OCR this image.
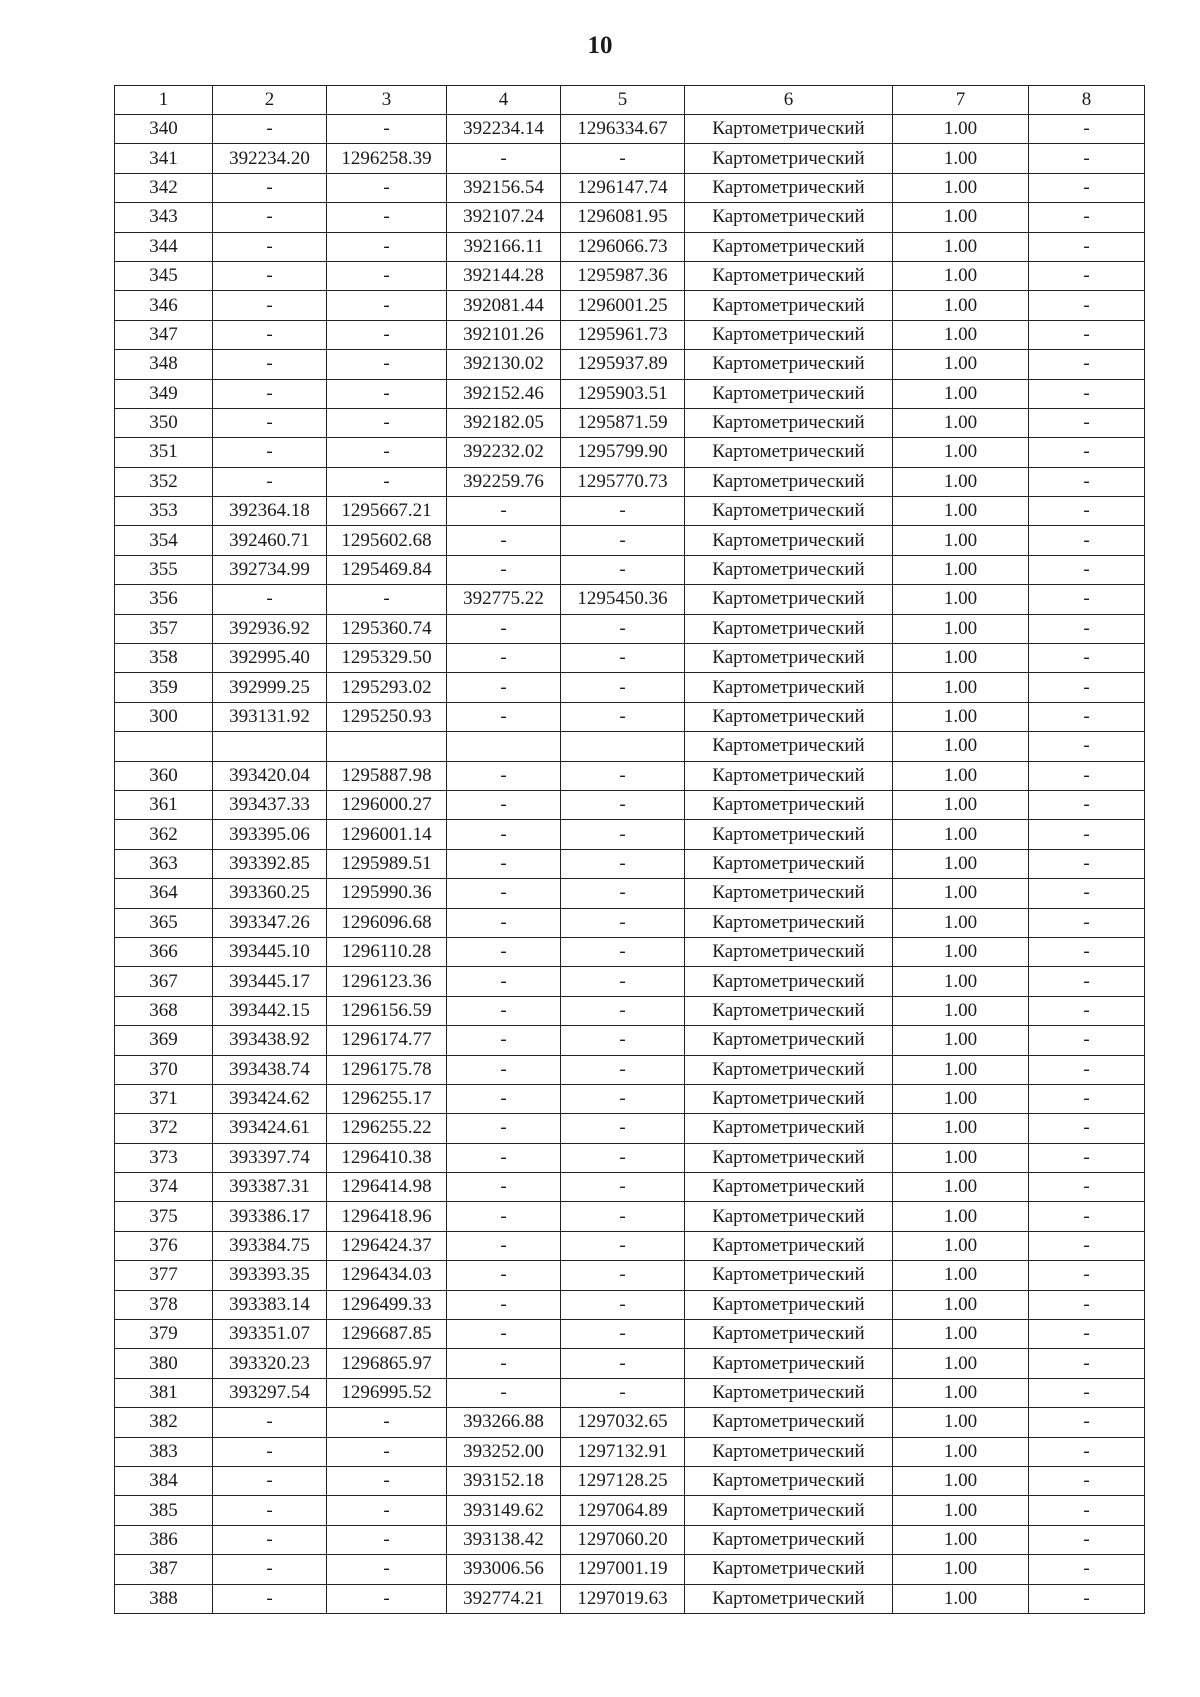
10
1	2	3	4	5	6	7	8
340	-	-	392234.14	1296334.67	Картометрический	1.00	-
341	392234.20	1296258.39	-	-	Картометрический	1.00	-
342	-	-	392156.54	1296147.74	Картометрический	1.00	-
343	-	-	392107.24	1296081.95	Картометрический	1.00	-
344	-	-	392166.11	1296066.73	Картометрический	1.00	-
345	-	-	392144.28	1295987.36	Картометрический	1.00	-
346	-	-	392081.44	1296001.25	Картометрический	1.00	-
347	-	-	392101.26	1295961.73	Картометрический	1.00	-
348	-	-	392130.02	1295937.89	Картометрический	1.00	-
349	-	-	392152.46	1295903.51	Картометрический	1.00	-
350	-	-	392182.05	1295871.59	Картометрический	1.00	-
351	-	-	392232.02	1295799.90	Картометрический	1.00	-
352	-	-	392259.76	1295770.73	Картометрический	1.00	-
353	392364.18	1295667.21	-	-	Картометрический	1.00	-
354	392460.71	1295602.68	-	-	Картометрический	1.00	-
355	392734.99	1295469.84	-	-	Картометрический	1.00	-
356	-	-	392775.22	1295450.36	Картометрический	1.00	-
357	392936.92	1295360.74	-	-	Картометрический	1.00	-
358	392995.40	1295329.50	-	-	Картометрический	1.00	-
359	392999.25	1295293.02	-	-	Картометрический	1.00	-
300	393131.92	1295250.93	-	-	Картометрический	1.00	-
					Картометрический	1.00	-
360	393420.04	1295887.98	-	-	Картометрический	1.00	-
361	393437.33	1296000.27	-	-	Картометрический	1.00	-
362	393395.06	1296001.14	-	-	Картометрический	1.00	-
363	393392.85	1295989.51	-	-	Картометрический	1.00	-
364	393360.25	1295990.36	-	-	Картометрический	1.00	-
365	393347.26	1296096.68	-	-	Картометрический	1.00	-
366	393445.10	1296110.28	-	-	Картометрический	1.00	-
367	393445.17	1296123.36	-	-	Картометрический	1.00	-
368	393442.15	1296156.59	-	-	Картометрический	1.00	-
369	393438.92	1296174.77	-	-	Картометрический	1.00	-
370	393438.74	1296175.78	-	-	Картометрический	1.00	-
371	393424.62	1296255.17	-	-	Картометрический	1.00	-
372	393424.61	1296255.22	-	-	Картометрический	1.00	-
373	393397.74	1296410.38	-	-	Картометрический	1.00	-
374	393387.31	1296414.98	-	-	Картометрический	1.00	-
375	393386.17	1296418.96	-	-	Картометрический	1.00	-
376	393384.75	1296424.37	-	-	Картометрический	1.00	-
377	393393.35	1296434.03	-	-	Картометрический	1.00	-
378	393383.14	1296499.33	-	-	Картометрический	1.00	-
379	393351.07	1296687.85	-	-	Картометрический	1.00	-
380	393320.23	1296865.97	-	-	Картометрический	1.00	-
381	393297.54	1296995.52	-	-	Картометрический	1.00	-
382	-	-	393266.88	1297032.65	Картометрический	1.00	-
383	-	-	393252.00	1297132.91	Картометрический	1.00	-
384	-	-	393152.18	1297128.25	Картометрический	1.00	-
385	-	-	393149.62	1297064.89	Картометрический	1.00	-
386	-	-	393138.42	1297060.20	Картометрический	1.00	-
387	-	-	393006.56	1297001.19	Картометрический	1.00	-
388	-	-	392774.21	1297019.63	Картометрический	1.00	-
